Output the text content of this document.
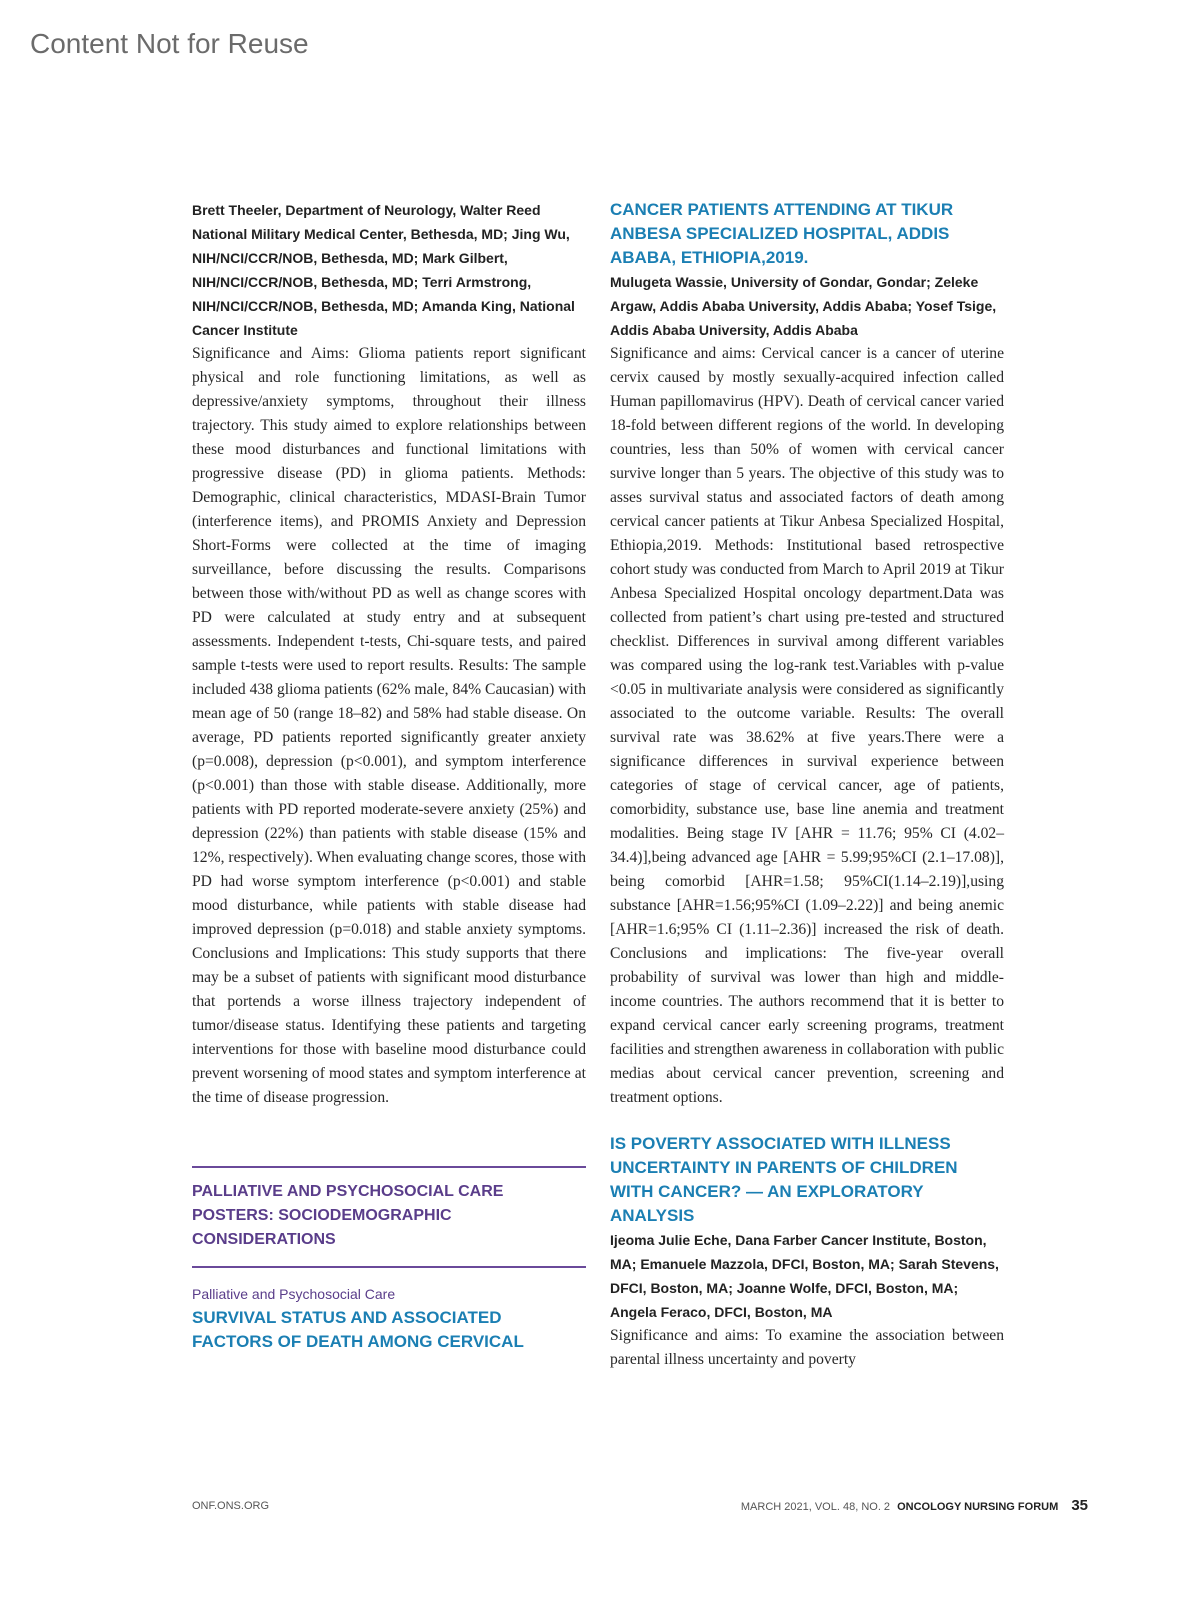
Content Not for Reuse

Brett Theeler, Department of Neurology, Walter Reed National Military Medical Center, Bethesda, MD; Jing Wu, NIH/NCI/CCR/NOB, Bethesda, MD; Mark Gilbert, NIH/NCI/CCR/NOB, Bethesda, MD; Terri Armstrong, NIH/NCI/CCR/NOB, Bethesda, MD; Amanda King, National Cancer Institute

Significance and Aims: Glioma patients report significant physical and role functioning limitations, as well as depressive/anxiety symptoms, throughout their illness trajectory. This study aimed to explore relationships between these mood disturbances and functional limitations with progressive disease (PD) in glioma patients. Methods: Demographic, clinical characteristics, MDASI-Brain Tumor (interference items), and PROMIS Anxiety and Depression Short-Forms were collected at the time of imaging surveillance, before discussing the results. Comparisons between those with/without PD as well as change scores with PD were calculated at study entry and at subsequent assessments. Independent t-tests, Chi-square tests, and paired sample t-tests were used to report results. Results: The sample included 438 glioma patients (62% male, 84% Caucasian) with mean age of 50 (range 18–82) and 58% had stable disease. On average, PD patients reported significantly greater anxiety (p=0.008), depression (p<0.001), and symptom interference (p<0.001) than those with stable disease. Additionally, more patients with PD reported moderate-severe anxiety (25%) and depression (22%) than patients with stable disease (15% and 12%, respectively). When evaluating change scores, those with PD had worse symptom interference (p<0.001) and stable mood disturbance, while patients with stable disease had improved depression (p=0.018) and stable anxiety symptoms. Conclusions and Implications: This study supports that there may be a subset of patients with significant mood disturbance that portends a worse illness trajectory independent of tumor/disease status. Identifying these patients and targeting interventions for those with baseline mood disturbance could prevent worsening of mood states and symptom interference at the time of disease progression.

PALLIATIVE AND PSYCHOSOCIAL CARE POSTERS: SOCIODEMOGRAPHIC CONSIDERATIONS

Palliative and Psychosocial Care

SURVIVAL STATUS AND ASSOCIATED FACTORS OF DEATH AMONG CERVICAL

CANCER PATIENTS ATTENDING AT TIKUR ANBESA SPECIALIZED HOSPITAL, ADDIS ABABA, ETHIOPIA,2019.

Mulugeta Wassie, University of Gondar, Gondar; Zeleke Argaw, Addis Ababa University, Addis Ababa; Yosef Tsige, Addis Ababa University, Addis Ababa

Significance and aims: Cervical cancer is a cancer of uterine cervix caused by mostly sexually-acquired infection called Human papillomavirus (HPV). Death of cervical cancer varied 18-fold between different regions of the world. In developing countries, less than 50% of women with cervical cancer survive longer than 5 years. The objective of this study was to asses survival status and associated factors of death among cervical cancer patients at Tikur Anbesa Specialized Hospital, Ethiopia,2019. Methods: Institutional based retrospective cohort study was conducted from March to April 2019 at Tikur Anbesa Specialized Hospital oncology department.Data was collected from patient’s chart using pre-tested and structured checklist. Differences in survival among different variables was compared using the log-rank test.Variables with p-value <0.05 in multivariate analysis were considered as significantly associated to the outcome variable. Results: The overall survival rate was 38.62% at five years.There were a significance differences in survival experience between categories of stage of cervical cancer, age of patients, comorbidity, substance use, base line anemia and treatment modalities. Being stage IV [AHR = 11.76; 95% CI (4.02–34.4)],being advanced age [AHR = 5.99;95%CI (2.1–17.08)], being comorbid [AHR=1.58; 95%CI(1.14–2.19)],using substance [AHR=1.56;95%CI (1.09–2.22)] and being anemic [AHR=1.6;95% CI (1.11–2.36)] increased the risk of death. Conclusions and implications: The five-year overall probability of survival was lower than high and middle-income countries. The authors recommend that it is better to expand cervical cancer early screening programs, treatment facilities and strengthen awareness in collaboration with public medias about cervical cancer prevention, screening and treatment options.

IS POVERTY ASSOCIATED WITH ILLNESS UNCERTAINTY IN PARENTS OF CHILDREN WITH CANCER? — AN EXPLORATORY ANALYSIS

Ijeoma Julie Eche, Dana Farber Cancer Institute, Boston, MA; Emanuele Mazzola, DFCI, Boston, MA; Sarah Stevens, DFCI, Boston, MA; Joanne Wolfe, DFCI, Boston, MA; Angela Feraco, DFCI, Boston, MA

Significance and aims: To examine the association between parental illness uncertainty and poverty

ONF.ONS.ORG	MARCH 2021, VOL. 48, NO. 2 ONCOLOGY NURSING FORUM 35
